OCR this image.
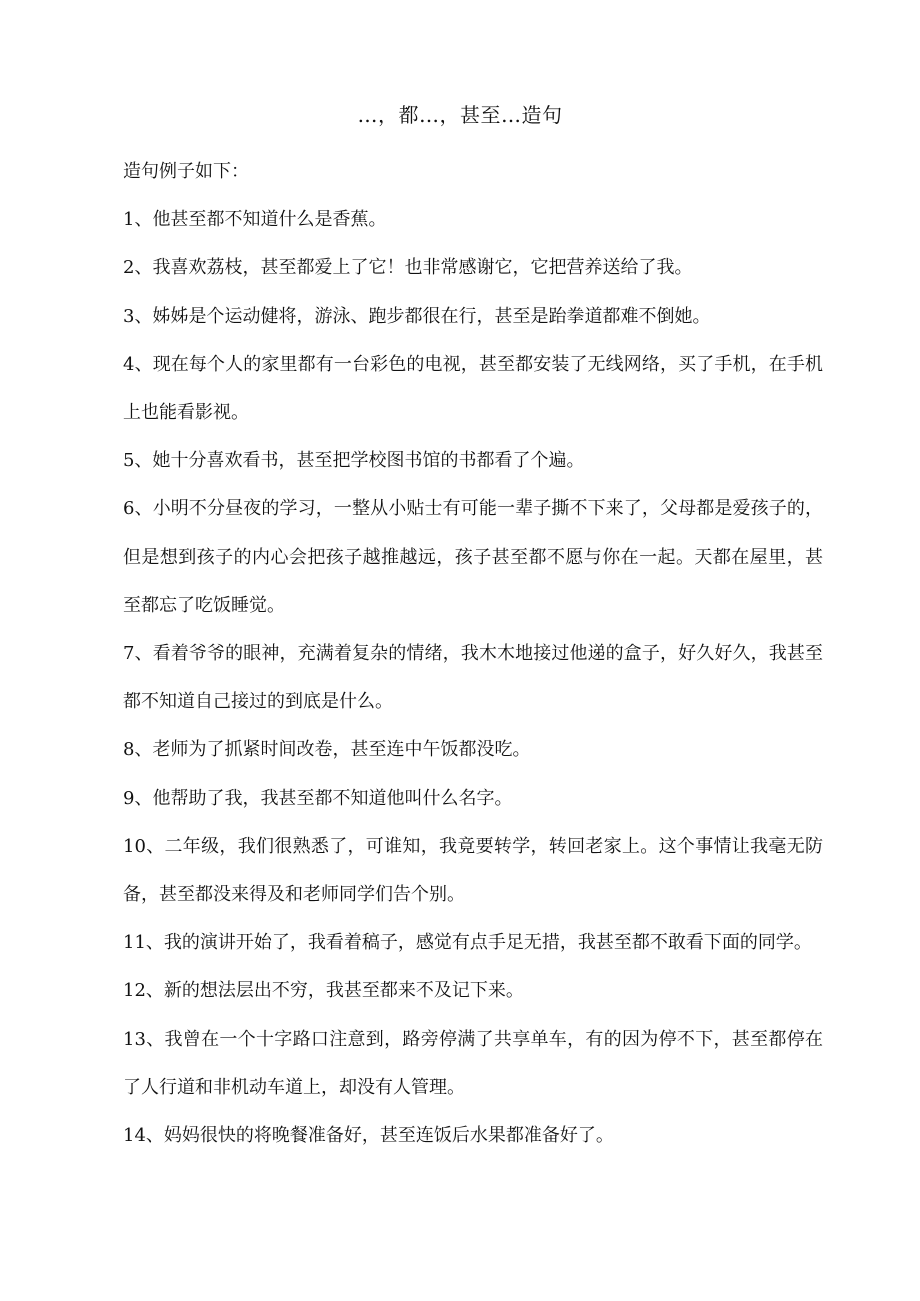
…，都…，甚至…造句

造句例子如下：

1、他甚至都不知道什么是香蕉。

2、我喜欢荔枝，甚至都爱上了它！也非常感谢它，它把营养送给了我。

3、姊姊是个运动健将，游泳、跑步都很在行，甚至是跆拳道都难不倒她。

4、现在每个人的家里都有一台彩色的电视，甚至都安装了无线网络，买了手机，在手机上也能看影视。

5、她十分喜欢看书，甚至把学校图书馆的书都看了个遍。

6、小明不分昼夜的学习，一整从小贴士有可能一辈子撕不下来了，父母都是爱孩子的，但是想到孩子的内心会把孩子越推越远，孩子甚至都不愿与你在一起。天都在屋里，甚至都忘了吃饭睡觉。

7、看着爷爷的眼神，充满着复杂的情绪，我木木地接过他递的盒子，好久好久，我甚至都不知道自己接过的到底是什么。

8、老师为了抓紧时间改卷，甚至连中午饭都没吃。

9、他帮助了我，我甚至都不知道他叫什么名字。

10、二年级，我们很熟悉了，可谁知，我竟要转学，转回老家上。这个事情让我毫无防备，甚至都没来得及和老师同学们告个别。

11、我的演讲开始了，我看着稿子，感觉有点手足无措，我甚至都不敢看下面的同学。

12、新的想法层出不穷，我甚至都来不及记下来。

13、我曾在一个十字路口注意到，路旁停满了共享单车，有的因为停不下，甚至都停在了人行道和非机动车道上，却没有人管理。

14、妈妈很快的将晚餐准备好，甚至连饭后水果都准备好了。
